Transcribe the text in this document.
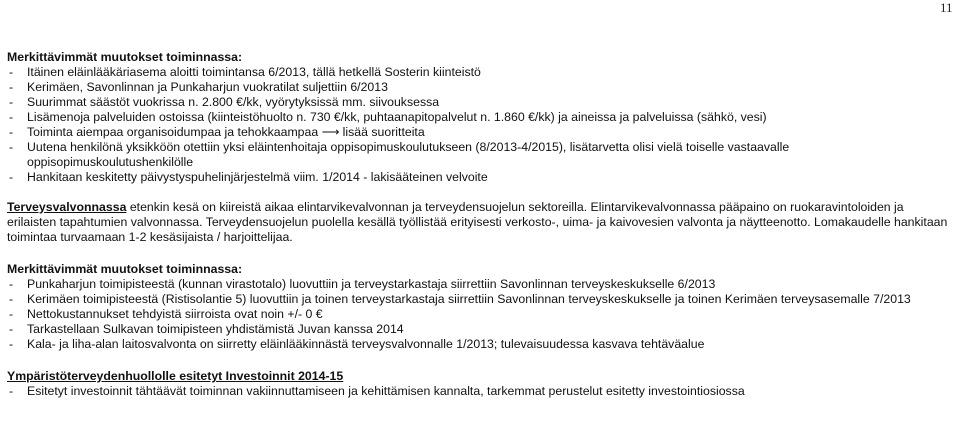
11

Merkittävimmät muutokset toiminnassa:

- Itäinen eläinlääkäriasema aloitti toimintansa 6/2013, tällä hetkellä Sosterin kiinteistö
- Kerimäen, Savonlinnan ja Punkaharjun vuokratilat suljettiin 6/2013
- Suurimmat säästöt vuokrissa n. 2.800 €/kk, vyörytyksissä mm. siivouksessa
- Lisämenoja palveluiden ostoissa (kiinteistöhuolto n. 730 €/kk, puhtaanapitopalvelut n. 1.860 €/kk) ja aineissa ja palveluissa (sähkö, vesi)
- Toiminta aiempaa organisoidumpaa ja tehokkaampaa ⟶ lisää suoritteita
- Uutena henkilönä yksikköön otettiin yksi eläintenhoitaja oppisopimuskoulutukseen (8/2013-4/2015), lisätarvetta olisi vielä toiselle vastaavalle oppisopimuskoulutushenkilölle
- Hankitaan keskitetty päivystyspuhelinjärjestelmä viim. 1/2014 - lakisääteinen velvoite

Terveysvalvonnassa etenkin kesä on kiireistä aikaa elintarvikevalvonnan ja terveydensuojelun sektoreilla. Elintarvikevalvonnassa pääpaino on ruokaravintoloiden ja erilaisten tapahtumien valvonnassa. Terveydensuojelun puolella kesällä työllistää erityisesti verkosto-, uima- ja kaivovesien valvonta ja näytteenotto. Lomakaudelle hankitaan toimintaa turvaamaan 1-2 kesäsijaista / harjoittelijaa.

Merkittävimmät muutokset toiminnassa:

- Punkaharjun toimipisteestä (kunnan virastotalo) luovuttiin ja terveystarkastaja siirrettiin Savonlinnan terveyskeskukselle 6/2013
- Kerimäen toimipisteestä (Ristisolantie 5) luovuttiin ja toinen terveystarkastaja siirrettiin Savonlinnan terveyskeskukselle ja toinen Kerimäen terveysasemalle 7/2013
- Nettokustannukset tehdyistä siirroista ovat noin +/- 0 €
- Tarkastellaan Sulkavan toimipisteen yhdistämistä Juvan kanssa 2014
- Kala- ja liha-alan laitosvalvonta on siirretty eläinlääkinnästä terveysvalvonnalle 1/2013; tulevaisuudessa kasvava tehtäväalue

Ympäristöterveydenhuollolle esitetyt Investoinnit 2014-15

- Esitetyt investoinnit tähtäävät toiminnan vakiinnuttamiseen ja kehittämisen kannalta, tarkemmat perustelut esitetty investointiosiossa
